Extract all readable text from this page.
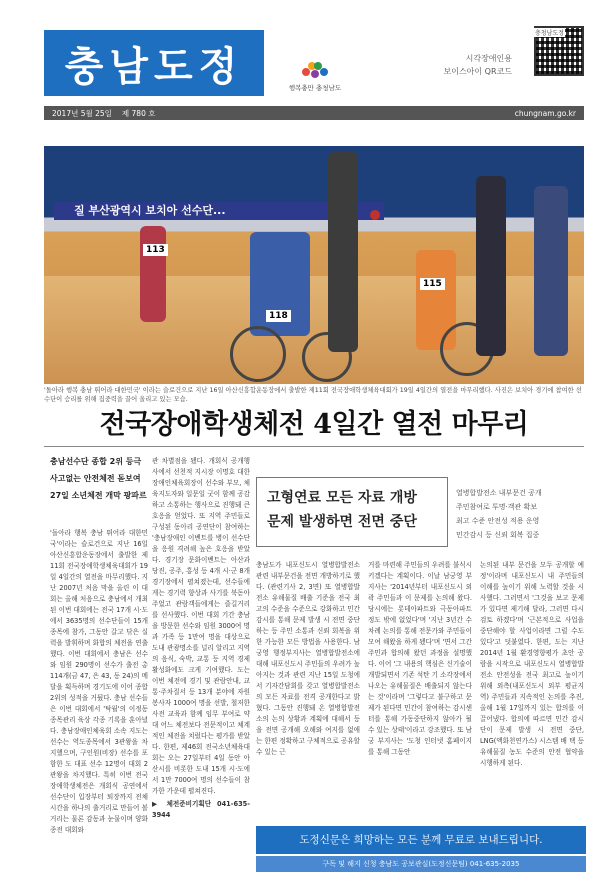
충남도정	행복충만 충청남도
시각장애인용
보이스아이 QR코드
충청남도정
2017년 5월 25일 제 780 호	chungnam.go.kr
질 부산광역시 보치아 선수단...
113
118
115
'돌아라 행복 충남 뛰어라 대한민국' 이라는 슬로건으로 지난 16일 아산신흥합운동장에서 출발한 제11회 전국장애학생체육대회가 19일 4일간의 열전을 마무리했다. 사진은 보치아 경기에 참여한 선수단이 승리를 위해 집중력을 끌어 올리고 있는 모습.
전국장애학생체전 4일간 열전 마무리
충남선수단 종합 2위 등극
사고없는 안전체전 돋보여
27일 소년체전 개막 팡파르

'돌아라 행복 충남 뛰어라 대한민국'이라는 슬로건으로 지난 16일 아산신흥합운동장에서 출발한 제11회 전국장애학생체육대회가 19일 4일간의 열전을 마무리했다. 지난 2007년 처음 막을 올린 이 대회는 올해 처음으로 충남에서 개최된 이번 대회에는 전국 17개 시·도에서 3635명의 선수단들이 15개 종목에 참가, 그동안 갈고 닦은 실력을 발휘하며 화합의 체전을 연출했다. 이번 대회에서 충남은 선수와 임원 290명이 선수가 출전 총 114개(금 47, 은 43, 동 24)의 메달을 획득하며 경기도에 이어 종합 2위의 성적을 거뒀다. 충남 선수들은 이번 대회에서 '탁월'의 이정동 종목관리 육상 각종 기록을 훈아녔다. 충남장애인체육회 소속 지도는 선수는 역도종목에서 3관왕을 차지했으며, 구인원(비장) 선수를 포함한 도 대표 선수 12명이 대회 2관왕을 차지했다. 특히 이번 전국장애학생체전은 개회식 공연에서 선수단이 입장부터 퇴장까지 전체 시간을 하나의 출거리로 만들어 볼거리는 물론 감동과 눈물이며 양화 종전 대회와

관 차별점을 됐다. 개회식 공개행사에서 선천적 지시장 이명호 대한장애인체육회장이 선수와 부모, 체육지도자와 일문일 굿이 함께 공감하고 소통하는 행사으로 진행돼 큰 호응을 얻었다. 또 지역 주민들로 구성된 동아리 공연단이 참여하는 '충남장애인 이벤트를 병이 선수단을 응원 격려해 높은 호응을 받았다. 경기장 문화이벤트는 아산과 당진, 공주, 홍성 등 4개 시·군 8개 경기장에서 펼쳐졌는데, 선수들에게는 경기력 향상과 사기를 북돋아 주었고 관람객들에게는 즐길거리를 선사했다. 이번 대회 기간 충남을 방문한 선수와 임원 3000여 명과 가족 등 1만여 명을 대상으로 도내 관광명소를 널리 알리고 지역의 음식, 숙박, 교통 등 지역 경제 활성화에도 크게 기여했다. 도는 이번 체전에 경기 및 관람안내, 교통·주차질서 등 13개 분야에 자원봉사자 1000여 명을 선발, 철저한 사전 교육과 함께 임무 부여로 약대 어느 체전보다 전문적이고 체계적인 체전을 치렀다는 평가를 받았다. 한편, 제46회 전국소년체육대회는 오는 27일부터 4일 동안 아산시를 비롯한 도내 15개 시·도에서 1만 7000여 명의 선수들이 참가한 가운데 펼쳐진다.

▶ 체전준비기획단 041-635-3944

고형연료 모든 자료 개방
문제 발생하면 전면 중단
열병합발전소 내부문건 공개
주민참여로 투명·객관 확보
최고 수준 안전성 적용 운영
민간감시 등 신뢰 회복 집중

충남도가 내포신도시 열병합발전소 관련 내부문건을 전면 개방하기로 했다. (관련기사 2, 3면) 또 열병합발전소 유해물질 배출 기준을 전국 최고의 수준을 수준으로 강화하고 민간감시를 통해 문제 발생 시 전면 중단하는 등 주민 소통과 신뢰 회복을 위한 가능한 모든 방법을 사용한다. 남궁영 행정부지사는 열병합발전소에 대해 내포신도시 주민들의 우려가 높아지는 것과 관련 지난 15일 도청에서 기자간담회를 갖고 열병합발전소의 모든 자료를 전격 공개한다고 밝혔다. 그동안 진행돼 온 열병합발전소의 논의 상황과 계획에 대해서 등을 전면 공개해 오해와 여지를 없애는 한편 정확하고 구체적으로 공유할 수 있는 근

거를 마련해 주민들의 우려를 불식시키겠다는 계획이다. 이날 남궁영 부지사는 '2014년부터 내포신도시 외곽 주민들과 이 문제를 논의해 왔다. 당시에는 롯데아파트와 극동아파트 정도 밖에 없었다'며 '지난 3년간 수차례 논의를 통해 전문가와 주민들이 모여 해왔을 하게 됐다'며 '면서 그간 주민과 합의해 왔던 과정을 설명했다. 이어 '그 내용의 핵심은 신기술이 개발되면서 기존 석탄 기 소각장에서 나오는 유해물질은 배출되지 않는다는 것'이라며 '그렇다고 불구하고 문제가 된다면 민간이 참여하는 감시센터를 통해 가동중단하지 않아가 될 수 있는 상태'이라고 강조했다. 또 남궁 부지사는 '도청 인터넷 홈페이지를 통해 그동안

논의된 내부 문건을 모두 공개할 예정'이라며 내포신도시 내 주민들의 이해를 높이기 위해 노력할 것을 시사했다. 그러면서 '그것을 보고 문제가 있다면 제기해 달라, 그러면 다시 검토 하겠다'며 '근본적으로 사업을 중단해야 할 사업이라면 그럴 수도 있다'고 덧붙였다. 한편, 도는 지난 2014년 1월 환경영향평가 초안 공람을 시작으로 내포신도시 열병합발전소 안전성을 전국 최고로 높이기 위해 외측(내포신도시 외부 평균지역) 주민들과 지속적인 논의를 추진, 올해 1월 17일까지 있는 합의를 이끌어냈다. 합의에 따르면 민간 감시단이 문제 발생 시 전면 중단, LNG(액화천연가스) 시스템 배 택 등 유해물질 농도 수준의 안전 협약을 시행하게 된다.

도정신문은 희망하는 모든 분께 무료로 보내드립니다.
구독 및 해지 신청 충남도 공보관실(도정신문팀) 041-635-2035
